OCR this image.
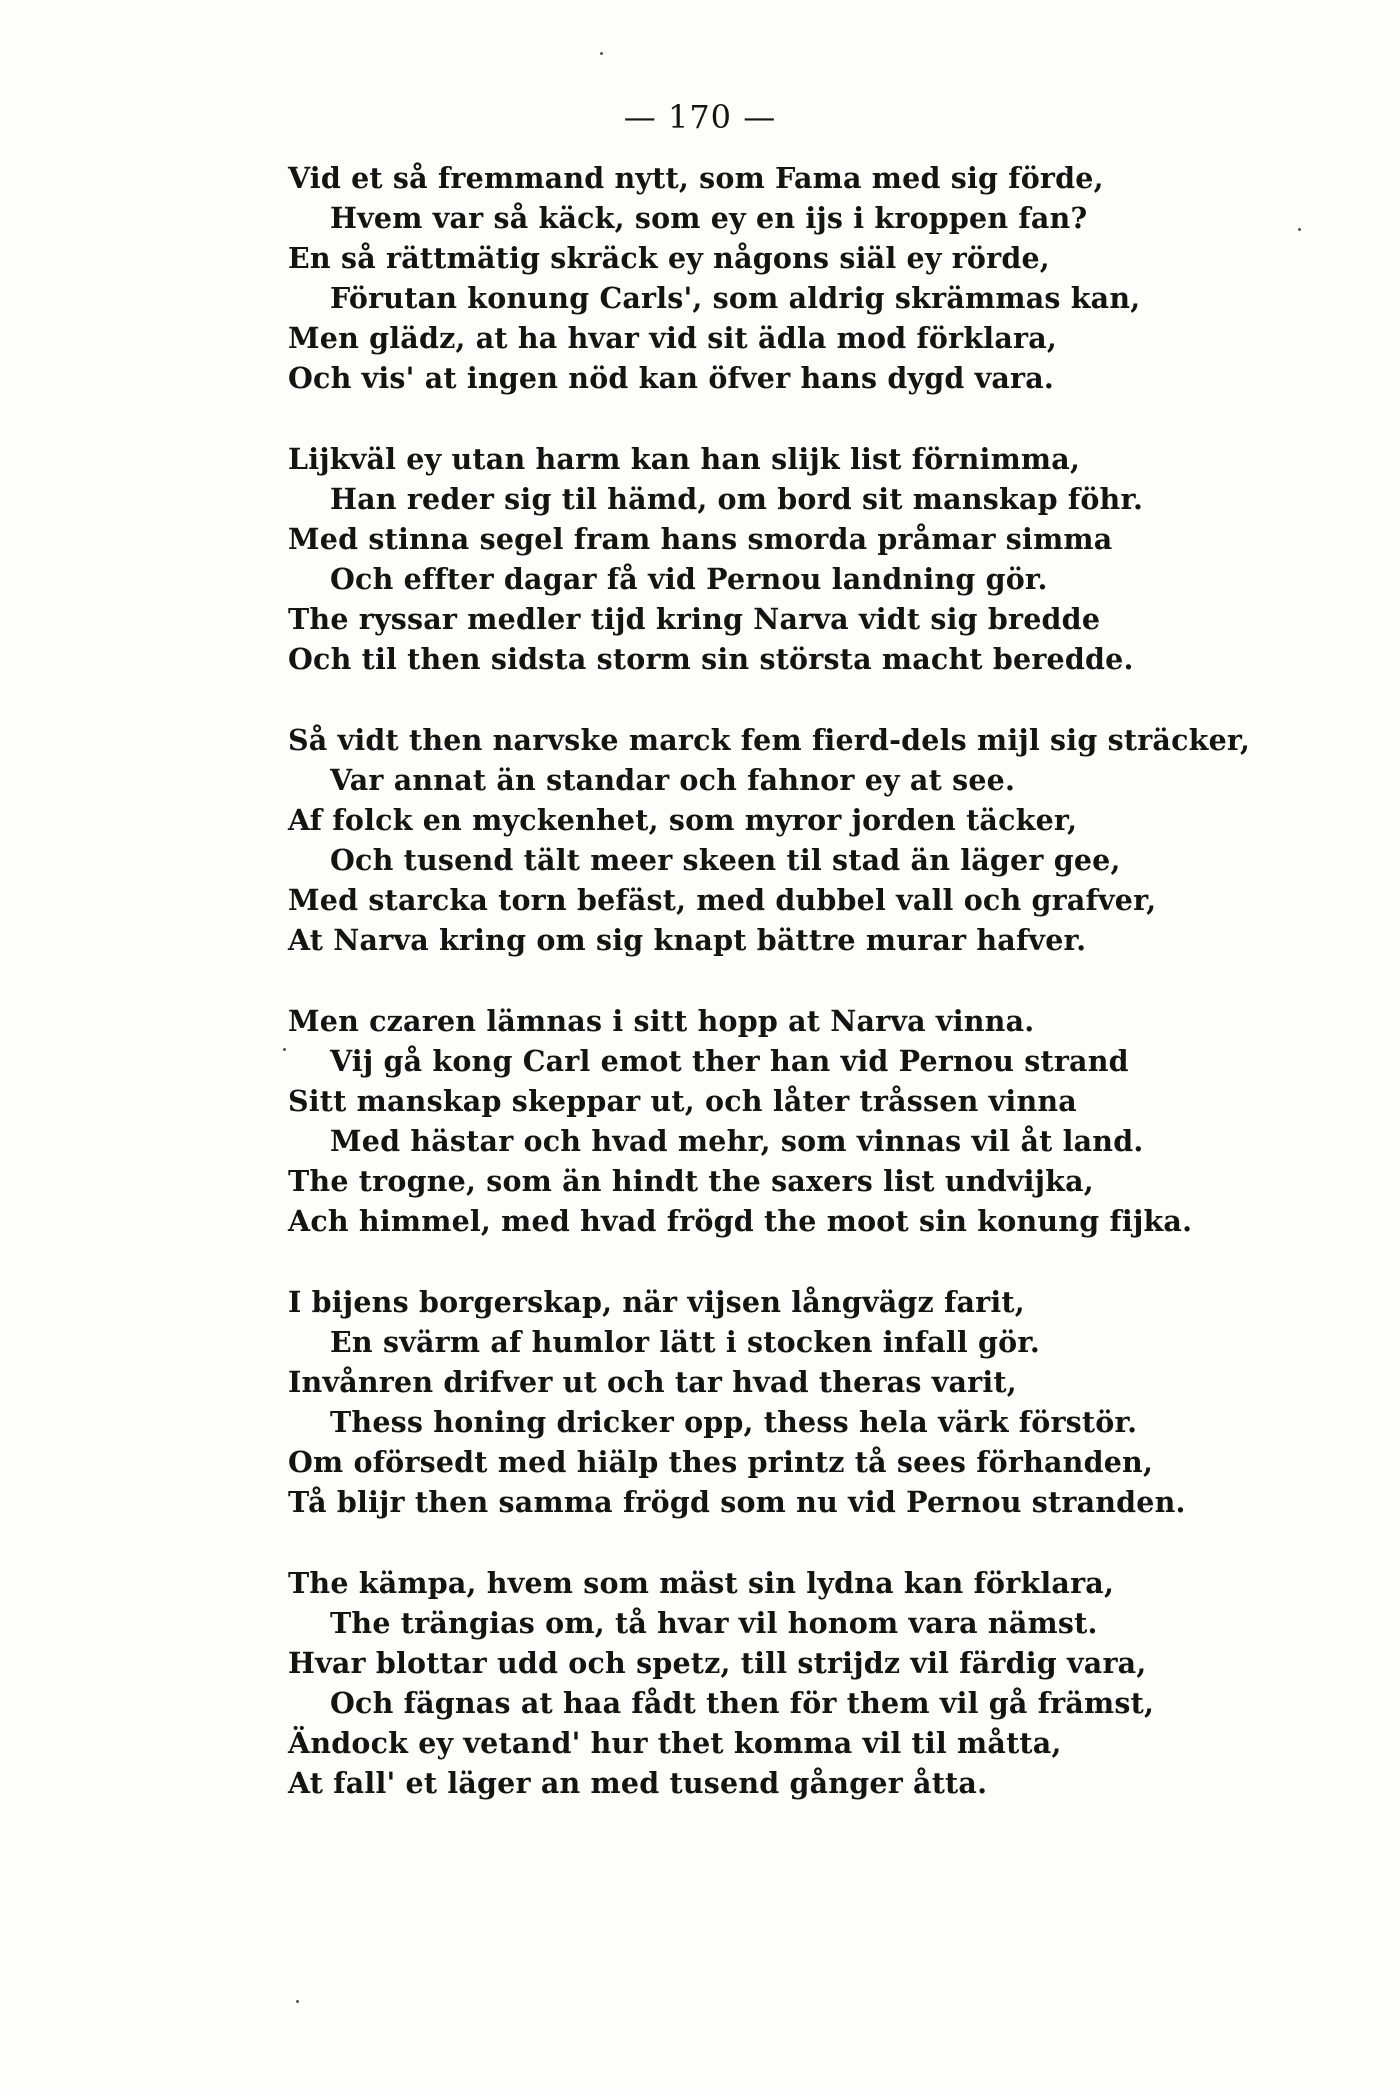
— 170 —
Vid et så fremmand nytt, som Fama med sig förde,
Hvem var så käck, som ey en ijs i kroppen fan?
En så rättmätig skräck ey någons siäl ey rörde,
Förutan konung Carls', som aldrig skrämmas kan,
Men glädz, at ha hvar vid sit ädla mod förklara,
Och vis' at ingen nöd kan öfver hans dygd vara.
Lijkväl ey utan harm kan han slijk list förnimma,
Han reder sig til hämd, om bord sit manskap föhr.
Med stinna segel fram hans smorda pråmar simma
Och effter dagar få vid Pernou landning gör.
The ryssar medler tijd kring Narva vidt sig bredde
Och til then sidsta storm sin största macht beredde.
Så vidt then narvske marck fem fierd-dels mijl sig sträcker,
Var annat än standar och fahnor ey at see.
Af folck en myckenhet, som myror jorden täcker,
Och tusend tält meer skeen til stad än läger gee,
Med starcka torn befäst, med dubbel vall och grafver,
At Narva kring om sig knapt bättre murar hafver.
Men czaren lämnas i sitt hopp at Narva vinna.
Vij gå kong Carl emot ther han vid Pernou strand
Sitt manskap skeppar ut, och låter tråssen vinna
Med hästar och hvad mehr, som vinnas vil åt land.
The trogne, som än hindt the saxers list undvijka,
Ach himmel, med hvad frögd the moot sin konung fijka.
I bijens borgerskap, när vijsen långvägz farit,
En svärm af humlor lätt i stocken infall gör.
Invånren drifver ut och tar hvad theras varit,
Thess honing dricker opp, thess hela värk förstör.
Om oförsedt med hiälp thes printz tå sees förhanden,
Tå blijr then samma frögd som nu vid Pernou stranden.
The kämpa, hvem som mäst sin lydna kan förklara,
The trängias om, tå hvar vil honom vara nämst.
Hvar blottar udd och spetz, till strijdz vil färdig vara,
Och fägnas at haa fådt then för them vil gå främst,
Ändock ey vetand' hur thet komma vil til måtta,
At fall' et läger an med tusend gånger åtta.
